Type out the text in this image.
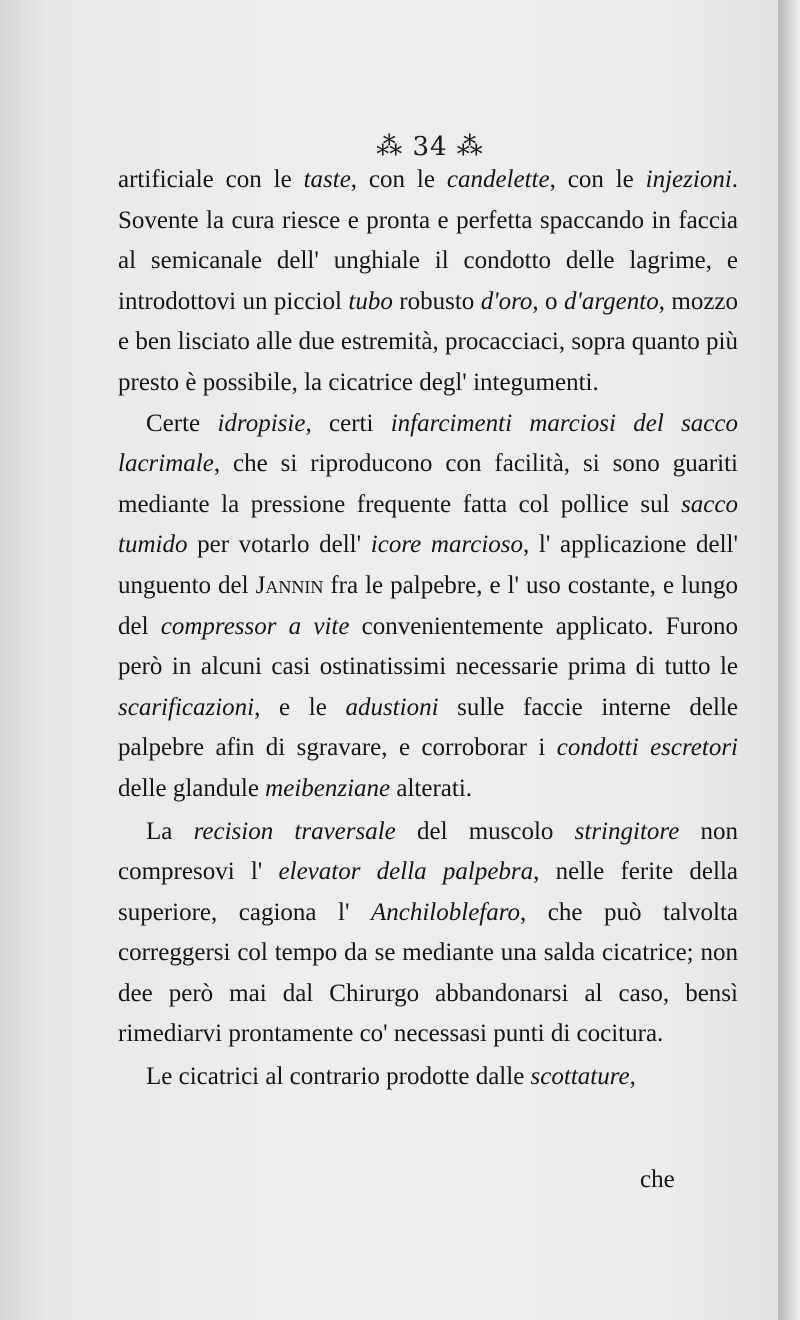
⁂ 34 ⁂

artificiale con le taste, con le candelette, con le injezioni. Sovente la cura riesce e pronta e perfetta spaccando in faccia al semicanale dell' unghiale il condotto delle lagrime, e introdottovi un picciol tubo robusto d'oro, o d'argento, mozzo e ben lisciato alle due estremità, procacciaci, sopra quanto più presto è possibile, la cicatrice degl' integumenti.

Certe idropisie, certi infarcimenti marciosi del sacco lacrimale, che si riproducono con facilità, si sono guariti mediante la pressione frequente fatta col pollice sul sacco tumido per votarlo dell' icore marcioso, l' applicazione dell' unguento del Jannin fra le palpebre, e l' uso costante, e lungo del compressor a vite convenientemente applicato. Furono però in alcuni casi ostinatissimi necessarie prima di tutto le scarificazioni, e le adustioni sulle faccie interne delle palpebre afin di sgravare, e corroborar i condotti escretori delle glandule meibenziane alterati.

La recision traversale del muscolo stringitore non compresovi l' elevator della palpebra, nelle ferite della superiore, cagiona l' Anchiloblefaro, che può talvolta correggersi col tempo da se mediante una salda cicatrice; non dee però mai dal Chirurgo abbandonarsi al caso, bensì rimediarvi prontamente co' necessasi punti di cocitura.

Le cicatrici al contrario prodotte dalle scottature,

che
